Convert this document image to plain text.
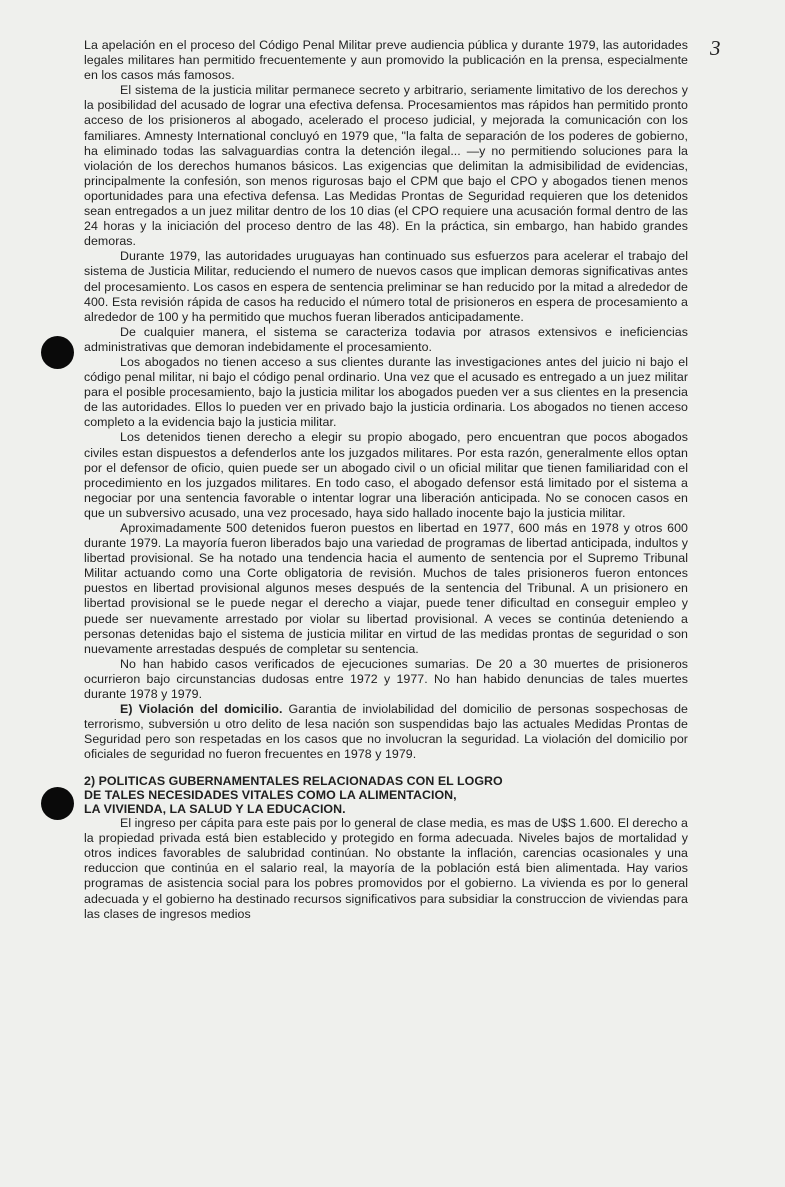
3

La apelación en el proceso del Código Penal Militar preve audiencia pública y durante 1979, las autoridades legales militares han permitido frecuentemente y aun promovido la publicación en la prensa, especialmente en los casos más famosos.

El sistema de la justicia militar permanece secreto y arbitrario, seriamente limitativo de los derechos y la posibilidad del acusado de lograr una efectiva defensa. Procesamientos mas rápidos han permitido pronto acceso de los prisioneros al abogado, acelerado el proceso judicial, y mejorada la comunicación con los familiares. Amnesty International concluyó en 1979 que, "la falta de separación de los poderes de gobierno, ha eliminado todas las salvaguardias contra la detención ilegal... —y no permitiendo soluciones para la violación de los derechos humanos básicos. Las exigencias que delimitan la admisibilidad de evidencias, principalmente la confesión, son menos rigurosas bajo el CPM que bajo el CPO y abogados tienen menos oportunidades para una efectiva defensa. Las Medidas Prontas de Seguridad requieren que los detenidos sean entregados a un juez militar dentro de los 10 dias (el CPO requiere una acusación formal dentro de las 24 horas y la iniciación del proceso dentro de las 48). En la práctica, sin embargo, han habido grandes demoras.

Durante 1979, las autoridades uruguayas han continuado sus esfuerzos para acelerar el trabajo del sistema de Justicia Militar, reduciendo el numero de nuevos casos que implican demoras significativas antes del procesamiento. Los casos en espera de sentencia preliminar se han reducido por la mitad a alrededor de 400. Esta revisión rápida de casos ha reducido el número total de prisioneros en espera de procesamiento a alrededor de 100 y ha permitido que muchos fueran liberados anticipadamente.

De cualquier manera, el sistema se caracteriza todavia por atrasos extensivos e ineficiencias administrativas que demoran indebidamente el procesamiento.

Los abogados no tienen acceso a sus clientes durante las investigaciones antes del juicio ni bajo el código penal militar, ni bajo el código penal ordinario. Una vez que el acusado es entregado a un juez militar para el posible procesamiento, bajo la justicia militar los abogados pueden ver a sus clientes en la presencia de las autoridades. Ellos lo pueden ver en privado bajo la justicia ordinaria. Los abogados no tienen acceso completo a la evidencia bajo la justicia militar.

Los detenidos tienen derecho a elegir su propio abogado, pero encuentran que pocos abogados civiles estan dispuestos a defenderlos ante los juzgados militares. Por esta razón, generalmente ellos optan por el defensor de oficio, quien puede ser un abogado civil o un oficial militar que tienen familiaridad con el procedimiento en los juzgados militares. En todo caso, el abogado defensor está limitado por el sistema a negociar por una sentencia favorable o intentar lograr una liberación anticipada. No se conocen casos en que un subversivo acusado, una vez procesado, haya sido hallado inocente bajo la justicia militar.

Aproximadamente 500 detenidos fueron puestos en libertad en 1977, 600 más en 1978 y otros 600 durante 1979. La mayoría fueron liberados bajo una variedad de programas de libertad anticipada, indultos y libertad provisional. Se ha notado una tendencia hacia el aumento de sentencia por el Supremo Tribunal Militar actuando como una Corte obligatoria de revisión. Muchos de tales prisioneros fueron entonces puestos en libertad provisional algunos meses después de la sentencia del Tribunal. A un prisionero en libertad provisional se le puede negar el derecho a viajar, puede tener dificultad en conseguir empleo y puede ser nuevamente arrestado por violar su libertad provisional. A veces se continúa deteniendo a personas detenidas bajo el sistema de justicia militar en virtud de las medidas prontas de seguridad o son nuevamente arrestadas después de completar su sentencia.

No han habido casos verificados de ejecuciones sumarias. De 20 a 30 muertes de prisioneros ocurrieron bajo circunstancias dudosas entre 1972 y 1977. No han habido denuncias de tales muertes durante 1978 y 1979.

E) Violación del domicilio. Garantia de inviolabilidad del domicilio de personas sospechosas de terrorismo, subversión u otro delito de lesa nación son suspendidas bajo las actuales Medidas Prontas de Seguridad pero son respetadas en los casos que no involucran la seguridad. La violación del domicilio por oficiales de seguridad no fueron frecuentes en 1978 y 1979.

2) POLITICAS GUBERNAMENTALES RELACIONADAS CON EL LOGRO
DE TALES NECESIDADES VITALES COMO LA ALIMENTACION,
LA VIVIENDA, LA SALUD Y LA EDUCACION.

El ingreso per cápita para este pais por lo general de clase media, es mas de U$S 1.600. El derecho a la propiedad privada está bien establecido y protegido en forma adecuada. Niveles bajos de mortalidad y otros indices favorables de salubridad continúan. No obstante la inflación, carencias ocasionales y una reduccion que continúa en el salario real, la mayoría de la población está bien alimentada. Hay varios programas de asistencia social para los pobres promovidos por el gobierno. La vivienda es por lo general adecuada y el gobierno ha destinado recursos significativos para subsidiar la construccion de viviendas para las clases de ingresos medios
